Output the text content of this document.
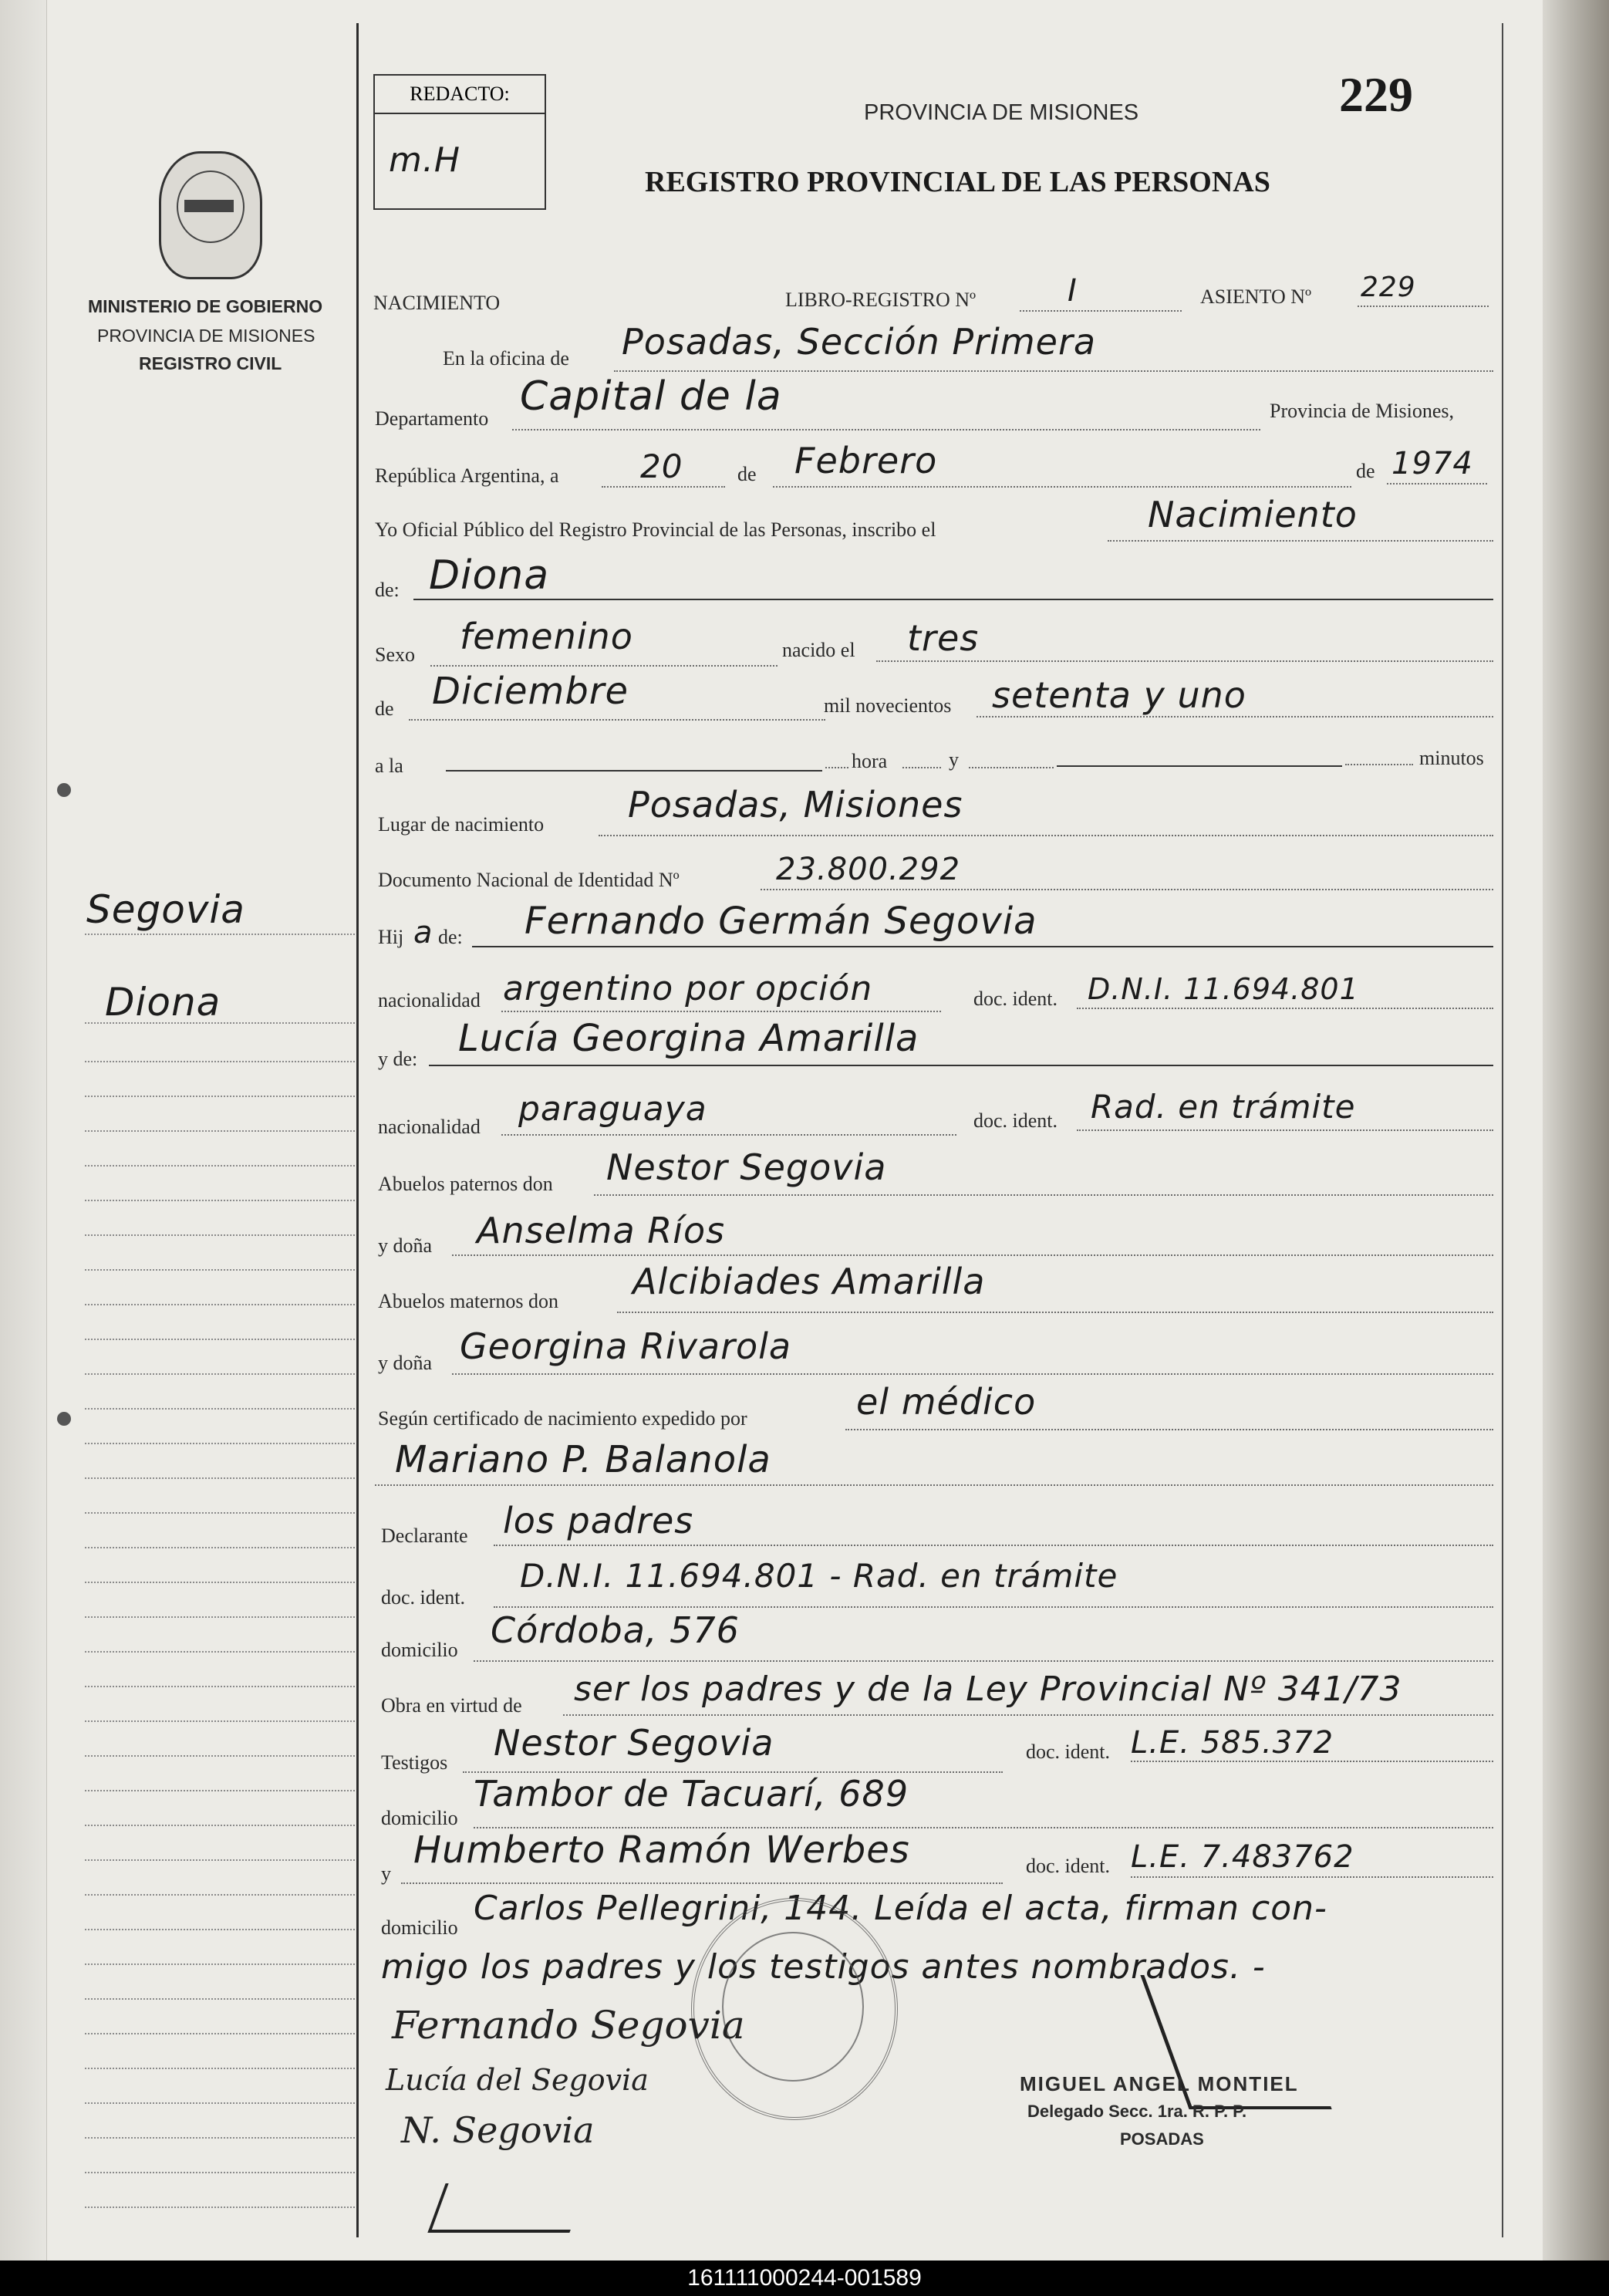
MINISTERIO DE GOBIERNO
PROVINCIA DE MISIONES
REGISTRO CIVIL
Segovia
Diona
REDACTO:
m.H
PROVINCIA DE MISIONES	229
REGISTRO PROVINCIAL DE LAS PERSONAS
NACIMIENTO	LIBRO-REGISTRO Nº	I	ASIENTO Nº 229
En la oficina de Posadas, Sección Primera
Departamento Capital de la	Provincia de Misiones,
República Argentina, a	20	de Febrero	de 1974
Yo Oficial Público del Registro Provincial de las Personas, inscribo el	Nacimiento
de: Diona
Sexo femenino	nacido el tres
de Diciembre	mil novecientos setenta y uno
a la	hora	y	minutos
Lugar de nacimiento Posadas, Misiones
Documento Nacional de Identidad Nº	23.800.292
Hij a de: Fernando Germán Segovia
nacionalidad argentino por opción	doc. ident. D.N.I. 11.694.801
y de: Lucía Georgina Amarilla
nacionalidad paraguaya	doc. ident. Rad. en trámite
Abuelos paternos don Nestor Segovia
y doña Anselma Ríos
Abuelos maternos don Alcibiades Amarilla
y doña Georgina Rivarola
Según certificado de nacimiento expedido por	el médico
Mariano P. Balanola
Declarante los padres
doc. ident.
D.N.I. 11.694.801 - Rad. en trámite
domicilio Córdoba, 576
Obra en virtud de ser los padres y de la Ley Provincial Nº 341/73
Testigos Nestor Segovia	doc. ident. L.E. 585.372
domicilio
Tambor de Tacuarí, 689
y
Humberto Ramón Werbes	doc. ident. L.E. 7.483762
domicilio Carlos Pellegrini, 144. Leída el acta, firman con-
migo los padres y los testigos antes nombrados. -
Fernando Segovia
Lucía del Segovia
N. Segovia
MIGUEL ANGEL MONTIEL
Delegado Secc. 1ra. R. P. P.
POSADAS
161111000244-001589
